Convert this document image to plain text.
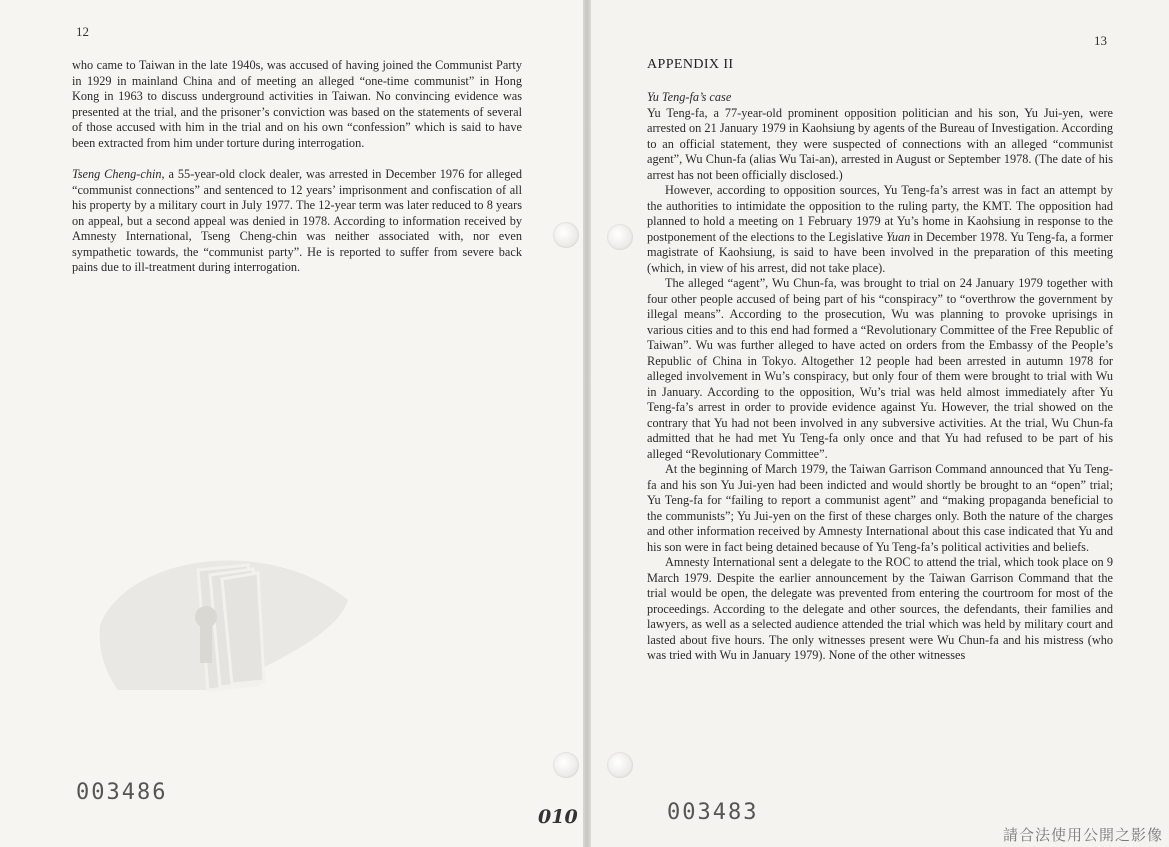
12

who came to Taiwan in the late 1940s, was accused of having joined the Communist Party in 1929 in mainland China and of meeting an alleged “one-time communist” in Hong Kong in 1963 to discuss underground activities in Taiwan. No convincing evidence was presented at the trial, and the prisoner’s conviction was based on the statements of several of those accused with him in the trial and on his own “confession” which is said to have been extracted from him under torture during interrogation.

Tseng Cheng-chin, a 55-year-old clock dealer, was arrested in December 1976 for alleged “communist connections” and sentenced to 12 years’ imprisonment and confiscation of all his property by a military court in July 1977. The 12-year term was later reduced to 8 years on appeal, but a second appeal was denied in 1978. According to information received by Amnesty International, Tseng Cheng-chin was neither associated with, nor even sympathetic towards, the “communist party”. He is reported to suffer from severe back pains due to ill-treatment during interrogation.

003486
010
13
APPENDIX II

Yu Teng-fa’s case

Yu Teng-fa, a 77-year-old prominent opposition politician and his son, Yu Jui-yen, were arrested on 21 January 1979 in Kaohsiung by agents of the Bureau of Investigation. According to an official statement, they were suspected of connections with an alleged “communist agent”, Wu Chun-fa (alias Wu Tai-an), arrested in August or September 1978. (The date of his arrest has not been officially disclosed.)

However, according to opposition sources, Yu Teng-fa’s arrest was in fact an attempt by the authorities to intimidate the opposition to the ruling party, the KMT. The opposition had planned to hold a meeting on 1 February 1979 at Yu’s home in Kaohsiung in response to the postponement of the elections to the Legislative Yuan in December 1978. Yu Teng-fa, a former magistrate of Kaohsiung, is said to have been involved in the preparation of this meeting (which, in view of his arrest, did not take place).

The alleged “agent”, Wu Chun-fa, was brought to trial on 24 January 1979 together with four other people accused of being part of his “conspiracy” to “overthrow the government by illegal means”. According to the prosecution, Wu was planning to provoke uprisings in various cities and to this end had formed a “Revolutionary Committee of the Free Republic of Taiwan”. Wu was further alleged to have acted on orders from the Embassy of the People’s Republic of China in Tokyo. Altogether 12 people had been arrested in autumn 1978 for alleged involvement in Wu’s conspiracy, but only four of them were brought to trial with Wu in January. According to the opposition, Wu’s trial was held almost immediately after Yu Teng-fa’s arrest in order to provide evidence against Yu. However, the trial showed on the contrary that Yu had not been involved in any subversive activities. At the trial, Wu Chun-fa admitted that he had met Yu Teng-fa only once and that Yu had refused to be part of his alleged “Revolutionary Committee”.

At the beginning of March 1979, the Taiwan Garrison Command announced that Yu Teng-fa and his son Yu Jui-yen had been indicted and would shortly be brought to an “open” trial; Yu Teng-fa for “failing to report a communist agent” and “making propaganda beneficial to the communists”; Yu Jui-yen on the first of these charges only. Both the nature of the charges and other information received by Amnesty International about this case indicated that Yu and his son were in fact being detained because of Yu Teng-fa’s political activities and beliefs.

Amnesty International sent a delegate to the ROC to attend the trial, which took place on 9 March 1979. Despite the earlier announcement by the Taiwan Garrison Command that the trial would be open, the delegate was prevented from entering the courtroom for most of the proceedings. According to the delegate and other sources, the defendants, their families and lawyers, as well as a selected audience attended the trial which was held by military court and lasted about five hours. The only witnesses present were Wu Chun-fa and his mistress (who was tried with Wu in January 1979). None of the other witnesses

003483
請合法使用公開之影像
